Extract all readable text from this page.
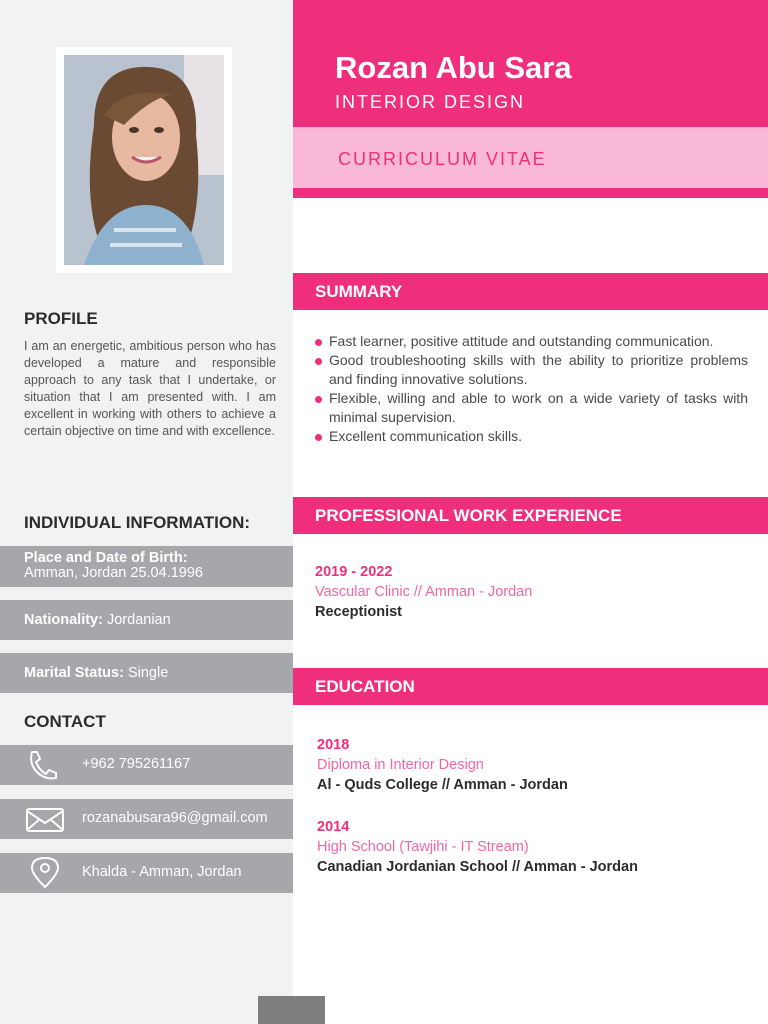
PROFILE

I am an energetic, ambitious person who has developed a mature and responsible approach to any task that I undertake, or situation that I am presented with. I am excellent in working with others to achieve a certain objective on time and with excellence.

INDIVIDUAL INFORMATION:
Place and Date of Birth:
Amman, Jordan 25.04.1996
Nationality: Jordanian
Marital Status: Single
CONTACT
+962 795261167
rozanabusara96@gmail.com
Khalda - Amman, Jordan
Rozan Abu Sara
INTERIOR DESIGN
CURRICULUM VITAE
SUMMARY
Fast learner, positive attitude and outstanding communication.
Good troubleshooting skills with the ability to prioritize problems and finding innovative solutions.
Flexible, willing and able to work on a wide variety of tasks with minimal supervision.
Excellent communication skills.
PROFESSIONAL WORK EXPERIENCE
2019 - 2022
Vascular Clinic // Amman - Jordan
Receptionist
EDUCATION
2018
Diploma in Interior Design
Al - Quds College // Amman - Jordan
2014
High School (Tawjihi - IT Stream)
Canadian Jordanian School // Amman - Jordan
